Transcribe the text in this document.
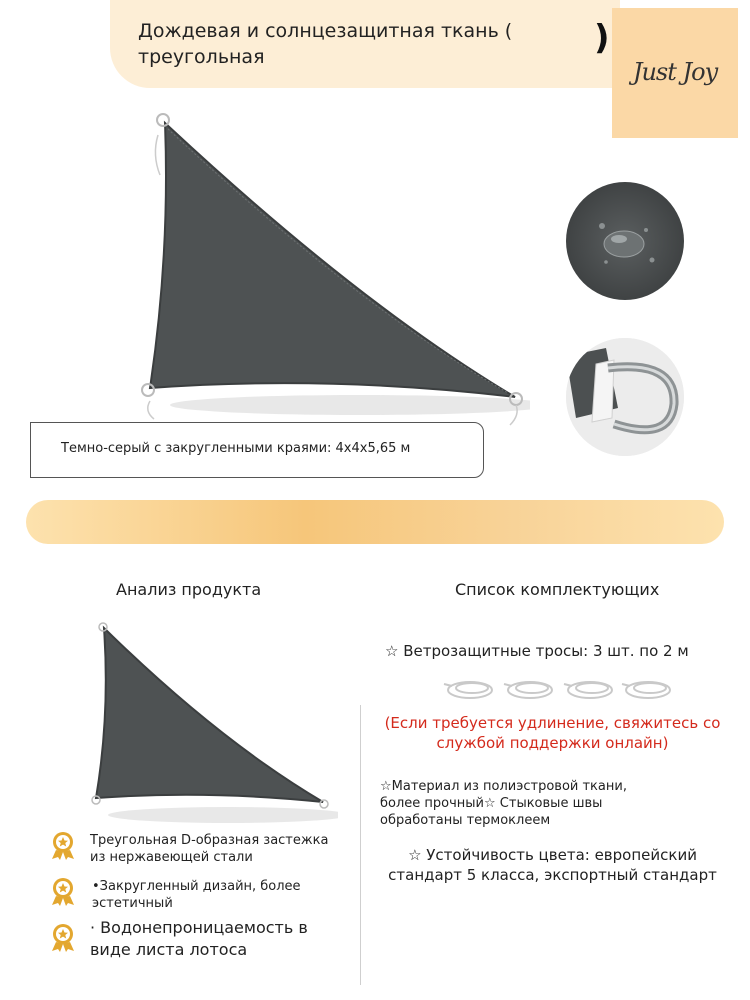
Дождевая и солнцезащитная ткань ( треугольная	)
Just Joy
Темно-серый с закругленными краями: 4x4x5,65 м
Анализ продукта	Список комплектующих
Треугольная D-образная застежка из нержавеющей стали
•Закругленный дизайн, более эстетичный
· Водонепроницаемость в виде листа лотоса
☆ Ветрозащитные тросы: 3 шт. по 2 м
(Если требуется удлинение, свяжитесь со службой поддержки онлайн)
☆Материал из полиэстровой ткани, более прочный☆ Стыковые швы обработаны термоклеем
☆ Устойчивость цвета: европейский стандарт 5 класса, экспортный стандарт
